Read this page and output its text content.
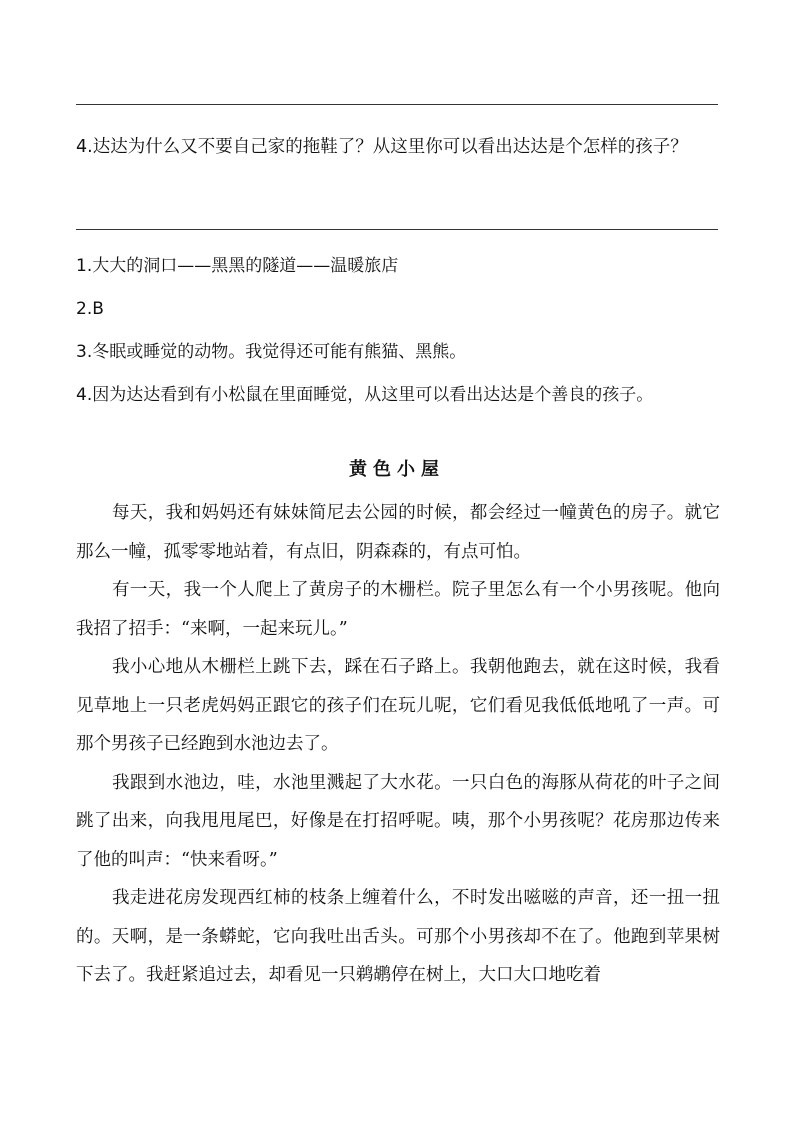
4.达达为什么又不要自己家的拖鞋了？从这里你可以看出达达是个怎样的孩子？
1.大大的洞口——黑黑的隧道——温暖旅店
2.B
3.冬眠或睡觉的动物。我觉得还可能有熊猫、黑熊。
4.因为达达看到有小松鼠在里面睡觉，从这里可以看出达达是个善良的孩子。
黄色小屋

每天，我和妈妈还有妹妹简尼去公园的时候，都会经过一幢黄色的房子。就它那么一幢，孤零零地站着，有点旧，阴森森的，有点可怕。

有一天，我一个人爬上了黄房子的木栅栏。院子里怎么有一个小男孩呢。他向我招了招手：“来啊，一起来玩儿。”

我小心地从木栅栏上跳下去，踩在石子路上。我朝他跑去，就在这时候，我看见草地上一只老虎妈妈正跟它的孩子们在玩儿呢，它们看见我低低地吼了一声。可那个男孩子已经跑到水池边去了。

我跟到水池边，哇，水池里溅起了大水花。一只白色的海豚从荷花的叶子之间跳了出来，向我甩甩尾巴，好像是在打招呼呢。咦，那个小男孩呢？花房那边传来了他的叫声：“快来看呀。”

我走进花房发现西红柿的枝条上缠着什么，不时发出嗞嗞的声音，还一扭一扭的。天啊，是一条蟒蛇，它向我吐出舌头。可那个小男孩却不在了。他跑到苹果树下去了。我赶紧追过去，却看见一只鹈鹕停在树上，大口大口地吃着
